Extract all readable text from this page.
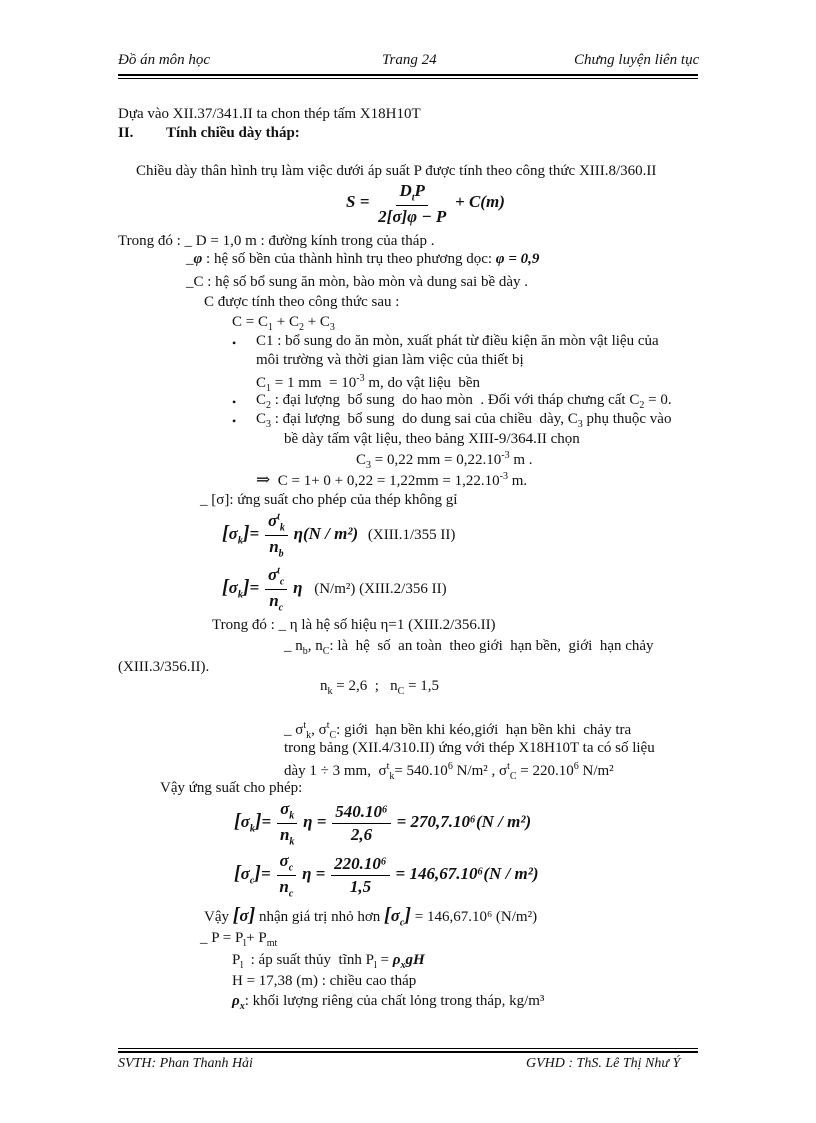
Đồ án môn học	Trang 24	Chưng luyện liên tục
Dựa vào XII.37/341.II ta chon thép tấm X18H10T
II. Tính chiều dày tháp:
Chiều dày thân hình trụ làm việc dưới áp suất P được tính theo công thức XIII.8/360.II
$S = \frac{D_tP}{2[\sigma]\varphi - P} + C(m)$
Trong đó : _ D = 1,0 m : đường kính trong của tháp .
_φ : hệ số bền của thành hình trụ theo phương dọc: φ = 0,9
_C : hệ số bổ sung ăn mòn, bào mòn và dung sai bề dày .
C được tính theo công thức sau :
$C = C_1 + C_2 + C_3$
• C1 : bổ sung do ăn mòn, xuất phát từ điều kiện ăn mòn vật liệu của
môi trường và thời gian làm việc của thiết bị
$C_1 = 1$ mm  = $10^{-3}$ m, do vật liệu  bền
• $C_2$ : đại lượng  bổ sung  do hao mòn  . Đối với tháp chưng cất $C_2 = 0$.
• $C_3$ : đại lượng  bổ sung  do dung sai của chiều  dày, $C_3$ phụ thuộc vào
bề dày tấm vật liệu, theo bảng XIII-9/364.II chọn
$C_3 = 0,22$ mm = $0,22.10^{-3}$ m .
⇒  $C = 1+ 0 + 0,22 = 1,22mm = 1,22.10^{-3}$ m.
_ [σ]: ứng suất cho phép của thép không gỉ
$[\sigma_k]= \frac{\sigma^t_k}{n_b} \eta(N / m^2)$ (XIII.1/355 II)
$[\sigma_k]= \frac{\sigma^t_c}{n_c}$ η (N/m²) (XIII.2/356 II)
Trong đó : _ η là hệ số hiệu η=1 (XIII.2/356.II)
_ $n_b$, $n_C$: là  hệ  số  an toàn  theo giới  hạn bền,  giới  hạn chảy
(XIII.3/356.II).
$n_k = 2,6$  ;   $n_C = 1,5$
_ $\sigma^t_k$, $\sigma^t_C$: giới  hạn bền khi kéo,giới  hạn bền khi  chảy tra
trong bảng (XII.4/310.II) ứng với thép X18H10T ta có số liệu
dày 1 ÷ 3 mm,  $\sigma^t_k= 540.10^6$ N/m² , $\sigma^t_C = 220.10^6$ N/m²
Vậy ứng suất cho phép:
$[\sigma_k]= \frac{\sigma_k}{n_k}$ $\eta = \frac{\text{540.10⁶}}{2,6} = 270,7.10^6(N / m^2)$
$[\sigma_c]= \frac{\sigma_c}{n_c}$ $\eta = \frac{\text{220.10⁶}}{1,5} = 146,67.10^6(N / m^2)$
Vậy [σ] nhận giá trị nhỏ hơn $[\sigma_c] = 146,67.10^6$ (N/m²)
_ $P = P_l+ P_{mt}$
$P_l$  : áp suất thủy  tĩnh $P_l = \rho_xgH$
H = 17,38 (m) : chiều cao tháp
$\rho_x$: khối lượng riêng của chất lỏng trong tháp, kg/m³
SVTH: Phan Thanh Hải	GVHD : ThS. Lê Thị Như Ý
